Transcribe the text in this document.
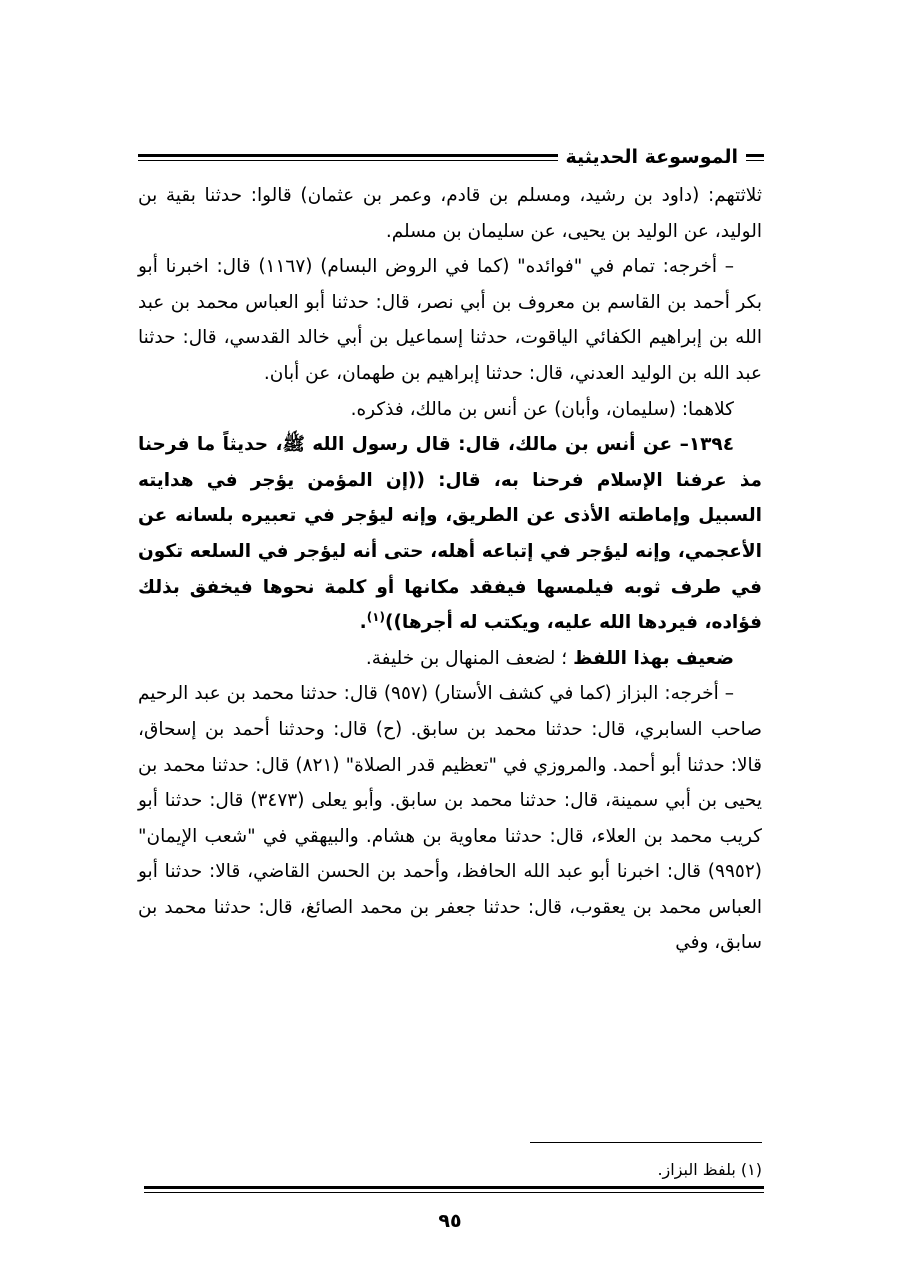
الموسوعة الحديثية

ثلاثتهم: (داود بن رشيد، ومسلم بن قادم، وعمر بن عثمان) قالوا: حدثنا بقية بن الوليد، عن الوليد بن يحيى، عن سليمان بن مسلم.

– أخرجه: تمام في "فوائده" (كما في الروض البسام) (١١٦٧) قال: اخبرنا أبو بكر أحمد بن القاسم بن معروف بن أبي نصر، قال: حدثنا أبو العباس محمد بن عبد الله بن إبراهيم الكفائي الياقوت، حدثنا إسماعيل بن أبي خالد القدسي، قال: حدثنا عبد الله بن الوليد العدني، قال: حدثنا إبراهيم بن طهمان، عن أبان.

كلاهما: (سليمان، وأبان) عن أنس بن مالك، فذكره.

١٣٩٤– عن أنس بن مالك، قال: قال رسول الله ﷺ، حديثاً ما فرحنا مذ عرفنا الإسلام فرحنا به، قال: ((إن المؤمن يؤجر في هدايته السبيل وإماطته الأذى عن الطريق، وإنه ليؤجر في تعبيره بلسانه عن الأعجمي، وإنه ليؤجر في إتباعه أهله، حتى أنه ليؤجر في السلعه تكون في طرف ثوبه فيلمسها فيفقد مكانها أو كلمة نحوها فيخفق بذلك فؤاده، فيردها الله عليه، ويكتب له أجرها))$^{(١)}$.

ضعيف بهذا اللفظ ؛ لضعف المنهال بن خليفة.

– أخرجه: البزاز (كما في كشف الأستار) (٩٥٧) قال: حدثنا محمد بن عبد الرحيم صاحب السابري، قال: حدثنا محمد بن سابق. (ح) قال: وحدثنا أحمد بن إسحاق، قالا: حدثنا أبو أحمد. والمروزي في "تعظيم قدر الصلاة" (٨٢١) قال: حدثنا محمد بن يحيى بن أبي سمينة، قال: حدثنا محمد بن سابق. وأبو يعلى (٣٤٧٣) قال: حدثنا أبو كريب محمد بن العلاء، قال: حدثنا معاوية بن هشام. والبيهقي في "شعب الإيمان" (٩٩٥٢) قال: اخبرنا أبو عبد الله الحافظ، وأحمد بن الحسن القاضي، قالا: حدثنا أبو العباس محمد بن يعقوب، قال: حدثنا جعفر بن محمد الصائغ، قال: حدثنا محمد بن سابق، وفي

(١) بلفظ البزاز.
٩٥
